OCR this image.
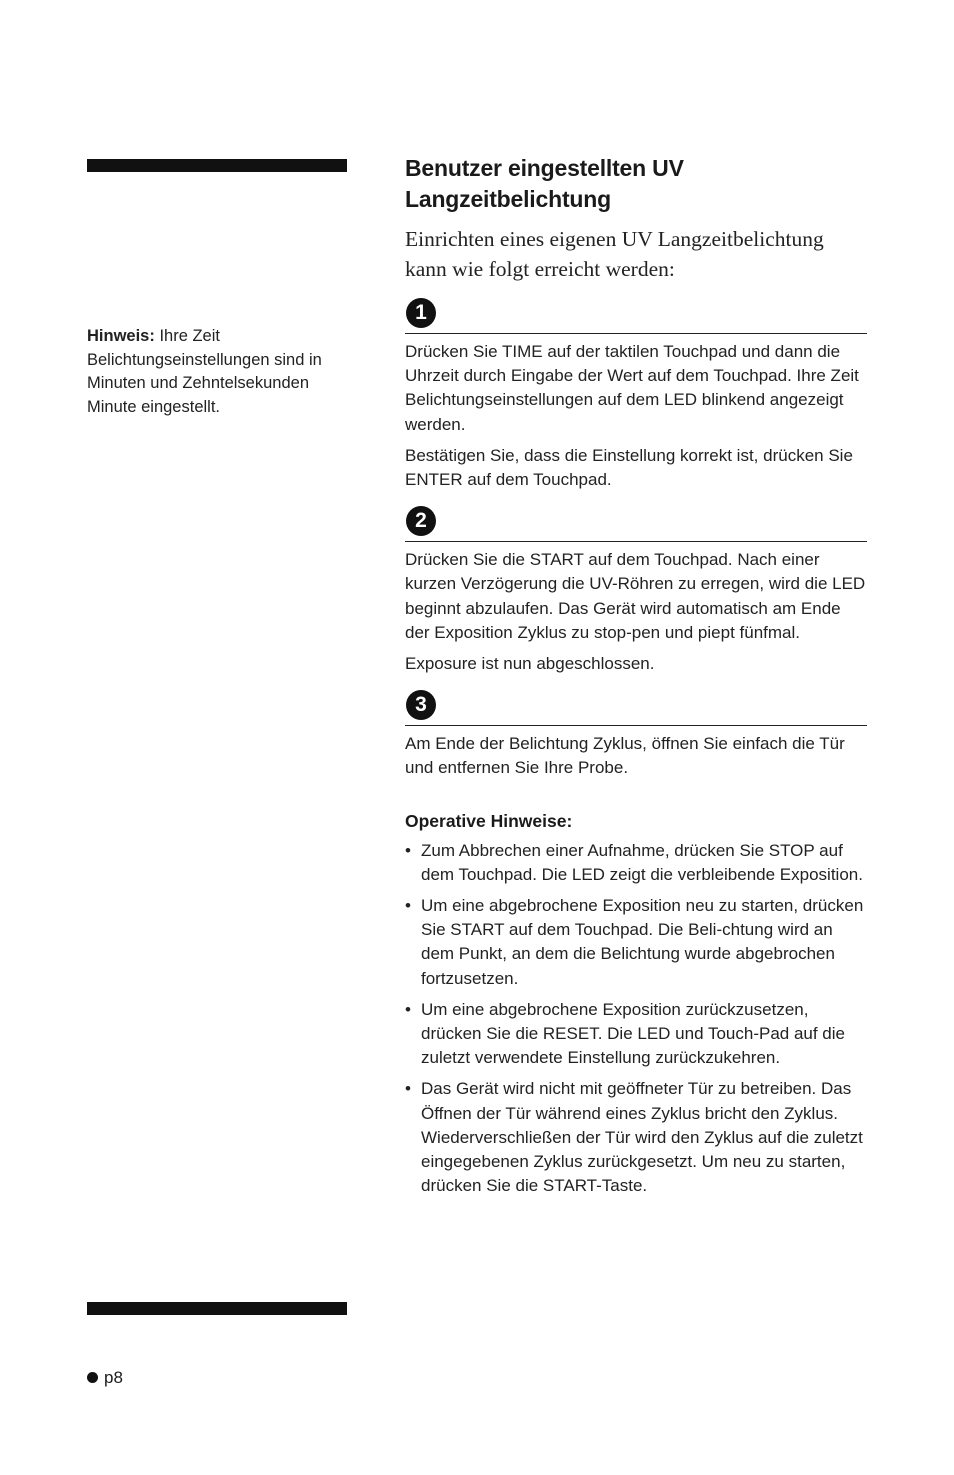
Hinweis: Ihre Zeit Belichtungseinstellungen sind in Minuten und Zehntelsekunden Minute eingestellt.
Benutzer eingestellten UV Langzeitbelichtung

Einrichten eines eigenen UV Langzeitbelichtung kann wie folgt erreicht werden:

1

Drücken Sie TIME auf der taktilen Touchpad und dann die Uhrzeit durch Eingabe der Wert auf dem Touchpad. Ihre Zeit Belichtungseinstellungen auf dem LED blinkend angezeigt werden.

Bestätigen Sie, dass die Einstellung korrekt ist, drücken Sie ENTER auf dem Touchpad.

2

Drücken Sie die START auf dem Touchpad. Nach einer kurzen Verzögerung die UV-Röhren zu erregen, wird die LED beginnt abzulaufen. Das Gerät wird automatisch am Ende der Exposition Zyklus zu stop-pen und piept fünfmal.

Exposure ist nun abgeschlossen.

3

Am Ende der Belichtung Zyklus, öffnen Sie einfach die Tür und entfernen Sie Ihre Probe.

Operative Hinweise:
• Zum Abbrechen einer Aufnahme, drücken Sie STOP auf dem Touchpad. Die LED zeigt die verbleibende Exposition.
• Um eine abgebrochene Exposition neu zu starten, drücken Sie START auf dem Touchpad. Die Beli-chtung wird an dem Punkt, an dem die Belichtung wurde abgebrochen fortzusetzen.
• Um eine abgebrochene Exposition zurückzusetzen, drücken Sie die RESET. Die LED und Touch-Pad auf die zuletzt verwendete Einstellung zurückzukehren.
• Das Gerät wird nicht mit geöffneter Tür zu betreiben. Das Öffnen der Tür während eines Zyklus bricht den Zyklus. Wiederverschließen der Tür wird den Zyklus auf die zuletzt eingegebenen Zyklus zurückgesetzt. Um neu zu starten, drücken Sie die START-Taste.
p8
